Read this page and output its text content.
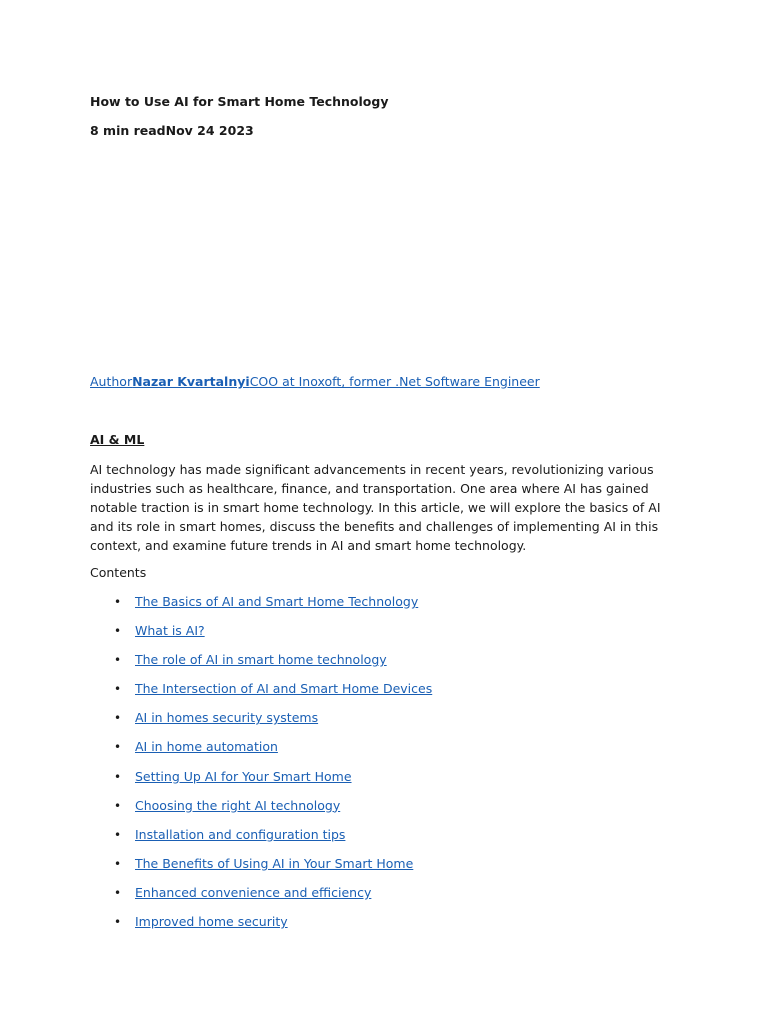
How to Use AI for Smart Home Technology
8 min readNov 24 2023
AuthorNazar KvartalnyiCOO at Inoxoft, former .Net Software Engineer
AI & ML

AI technology has made significant advancements in recent years, revolutionizing various industries such as healthcare, finance, and transportation. One area where AI has gained notable traction is in smart home technology. In this article, we will explore the basics of AI and its role in smart homes, discuss the benefits and challenges of implementing AI in this context, and examine future trends in AI and smart home technology.

Contents
• The Basics of AI and Smart Home Technology
• What is AI?
• The role of AI in smart home technology
• The Intersection of AI and Smart Home Devices
• AI in homes security systems
• AI in home automation
• Setting Up AI for Your Smart Home
• Choosing the right AI technology
• Installation and configuration tips
• The Benefits of Using AI in Your Smart Home
• Enhanced convenience and efficiency
• Improved home security
